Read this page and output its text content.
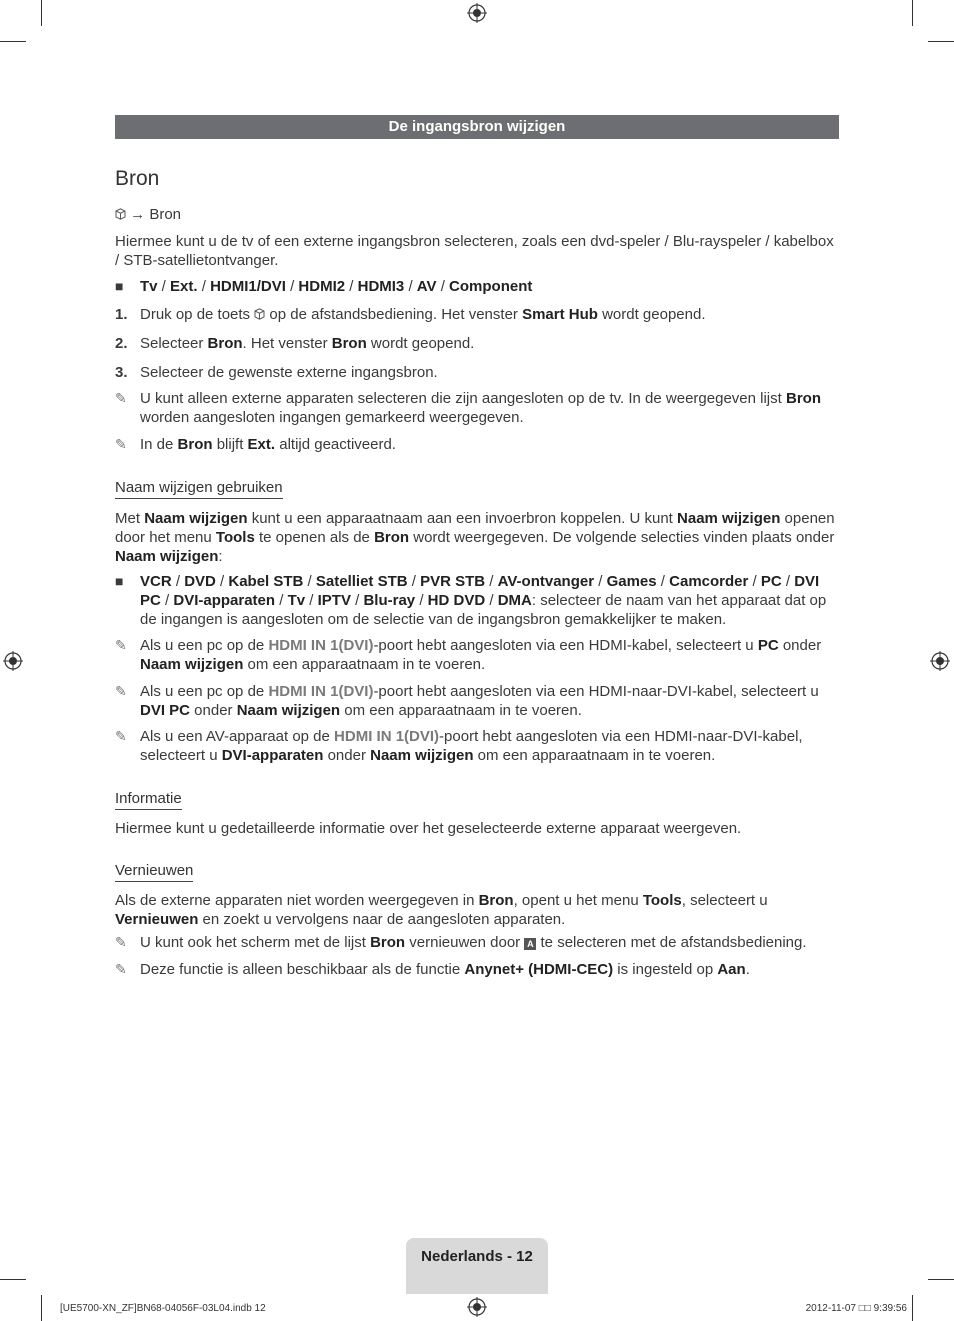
De ingangsbron wijzigen
Bron
→ Bron
Hiermee kunt u de tv of een externe ingangsbron selecteren, zoals een dvd-speler / Blu-rayspeler / kabelbox / STB-satellietontvanger.
■	Tv / Ext. / HDMI1/DVI / HDMI2 / HDMI3 / AV / Component
1. Druk op de toets  op de afstandsbediening. Het venster Smart Hub wordt geopend.
2. Selecteer Bron. Het venster Bron wordt geopend.
3. Selecteer de gewenste externe ingangsbron.
✎ U kunt alleen externe apparaten selecteren die zijn aangesloten op de tv. In de weergegeven lijst Bron worden aangesloten ingangen gemarkeerd weergegeven.
✎ In de Bron blijft Ext. altijd geactiveerd.
Naam wijzigen gebruiken
Met Naam wijzigen kunt u een apparaatnaam aan een invoerbron koppelen. U kunt Naam wijzigen openen door het menu Tools te openen als de Bron wordt weergegeven. De volgende selecties vinden plaats onder Naam wijzigen:
■	VCR / DVD / Kabel STB / Satelliet STB / PVR STB / AV-ontvanger / Games / Camcorder / PC / DVI PC / DVI-apparaten / Tv / IPTV / Blu-ray / HD DVD / DMA: selecteer de naam van het apparaat dat op de ingangen is aangesloten om de selectie van de ingangsbron gemakkelijker te maken.
✎ Als u een pc op de HDMI IN 1(DVI)-poort hebt aangesloten via een HDMI-kabel, selecteert u PC onder Naam wijzigen om een apparaatnaam in te voeren.
✎ Als u een pc op de HDMI IN 1(DVI)-poort hebt aangesloten via een HDMI-naar-DVI-kabel, selecteert u DVI PC onder Naam wijzigen om een apparaatnaam in te voeren.
✎ Als u een AV-apparaat op de HDMI IN 1(DVI)-poort hebt aangesloten via een HDMI-naar-DVI-kabel, selecteert u DVI-apparaten onder Naam wijzigen om een apparaatnaam in te voeren.
Informatie
Hiermee kunt u gedetailleerde informatie over het geselecteerde externe apparaat weergeven.
Vernieuwen
Als de externe apparaten niet worden weergegeven in Bron, opent u het menu Tools, selecteert u Vernieuwen en zoekt u vervolgens naar de aangesloten apparaten.
✎ U kunt ook het scherm met de lijst Bron vernieuwen door A te selecteren met de afstandsbediening.
✎ Deze functie is alleen beschikbaar als de functie Anynet+ (HDMI-CEC) is ingesteld op Aan.
Nederlands - 12
[UE5700-XN_ZF]BN68-04056F-03L04.indb 12	2012-11-07 □□ 9:39:56
